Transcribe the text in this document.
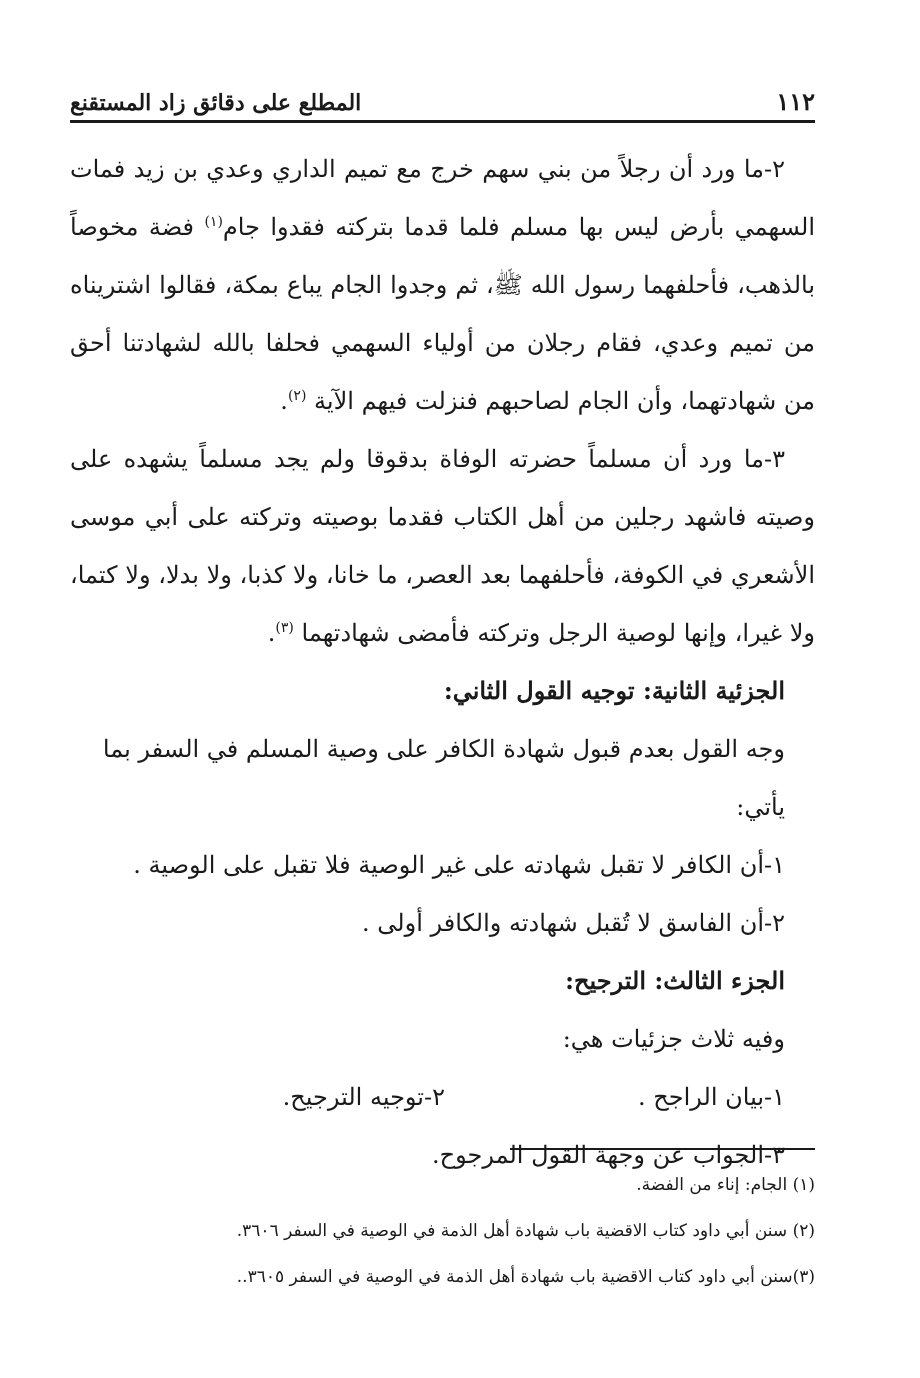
١١٢
المطلع على دقائق زاد المستقنع

٢-ما ورد أن رجلاً من بني سهم خرج مع تميم الداري وعدي بن زيد فمات السهمي بأرض ليس بها مسلم فلما قدما بتركته فقدوا جام$^{(١)}$ فضة مخوصاً بالذهب، فأحلفهما رسول الله ﷺ، ثم وجدوا الجام يباع بمكة، فقالوا اشتريناه من تميم وعدي، فقام رجلان من أولياء السهمي فحلفا بالله لشهادتنا أحق من شهادتهما، وأن الجام لصاحبهم فنزلت فيهم الآية $^{(٢)}$.

٣-ما ورد أن مسلماً حضرته الوفاة بدقوقا ولم يجد مسلماً يشهده على وصيته فاشهد رجلين من أهل الكتاب فقدما بوصيته وتركته على أبي موسى الأشعري في الكوفة، فأحلفهما بعد العصر، ما خانا، ولا كذبا، ولا بدلا، ولا كتما، ولا غيرا، وإنها لوصية الرجل وتركته فأمضى شهادتهما $^{(٣)}$.

الجزئية الثانية: توجيه القول الثاني:

وجه القول بعدم قبول شهادة الكافر على وصية المسلم في السفر بما يأتي:

١-أن الكافر لا تقبل شهادته على غير الوصية فلا تقبل على الوصية .

٢-أن الفاسق لا تُقبل شهادته والكافر أولى .

الجزء الثالث: الترجيح:

وفيه ثلاث جزئيات هي:

١-بيان الراجح .
٢-توجيه الترجيح.

٣-الجواب عن وجهة القول المرجوح.

(١) الجام: إناء من الفضة.

(٢) سنن أبي داود كتاب الاقضية باب شهادة أهل الذمة في الوصية في السفر ٣٦٠٦.

(٣)سنن أبي داود كتاب الاقضية باب شهادة أهل الذمة في الوصية في السفر ٣٦٠٥..
